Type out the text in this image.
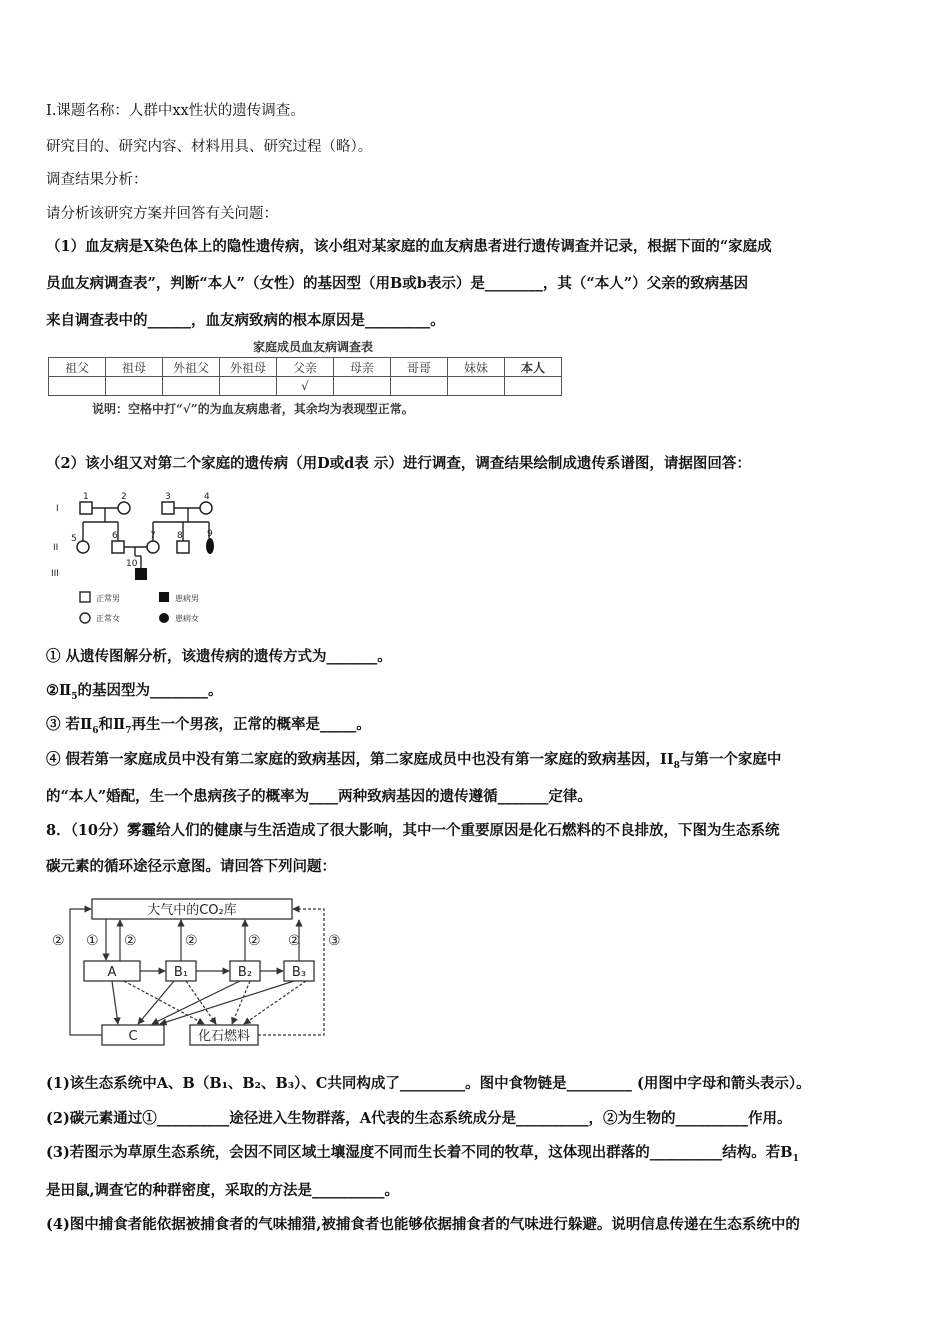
I.课题名称：人群中xx性状的遗传调查。
研究目的、研究内容、材料用具、研究过程（略）。
调查结果分析：
请分析该研究方案并回答有关问题：
（1）血友病是X染色体上的隐性遗传病，该小组对某家庭的血友病患者进行遗传调查并记录，根据下面的“家庭成
员血友病调查表”，判断“本人”（女性）的基因型（用B或b表示）是________，其（“本人”）父亲的致病基因
来自调查表中的______，血友病致病的根本原因是_________。
家庭成员血友病调查表
祖父	祖母	外祖父	外祖母	父亲	母亲	哥哥	妹妹	本人
				√				
说明：空格中打“√”的为血友病患者，其余均为表现型正常。
（2）该小组又对第二个家庭的遗传病（用D或d表 示）进行调查，调查结果绘制成遗传系谱图，请据图回答：
I
II
III
1	2	3	4
5	6	7 8	9
10
正常男	患病男
正常女	患病女
① 从遗传图解分析，该遗传病的遗传方式为_______。
$②Ⅱ_5$的基因型为________。
③ 若$Ⅱ_6$和$Ⅱ_7$再生一个男孩，正常的概率是_____。
④ 假若第一家庭成员中没有第二家庭的致病基因，第二家庭成员中也没有第一家庭的致病基因，$II_8$与第一个家庭中
的“本人”婚配，生一个患病孩子的概率为____两种致病基因的遗传遵循_______定律。
8．（10分）雾霾给人们的健康与生活造成了很大影响，其中一个重要原因是化石燃料的不良排放，下图为生态系统
碳元素的循环途径示意图。请回答下列问题：
大气中的CO₂库
A	B₁	B₂	B₃
C	化石燃料
② ① ②	②	② ② ③
(1)该生态系统中A、B（B₁、B₂、B₃）、C共同构成了_________。图中食物链是_________ (用图中字母和箭头表示）。
(2)碳元素通过①__________途径进入生物群落，A代表的生态系统成分是__________，②为生物的__________作用。
(3)若图示为草原生态系统，会因不同区域土壤湿度不同而生长着不同的牧草，这体现出群落的__________结构。若$B_1$
是田鼠,调查它的种群密度，采取的方法是__________。
(4)图中捕食者能依据被捕食者的气味捕猎,被捕食者也能够依据捕食者的气味进行躲避。说明信息传递在生态系统中的
